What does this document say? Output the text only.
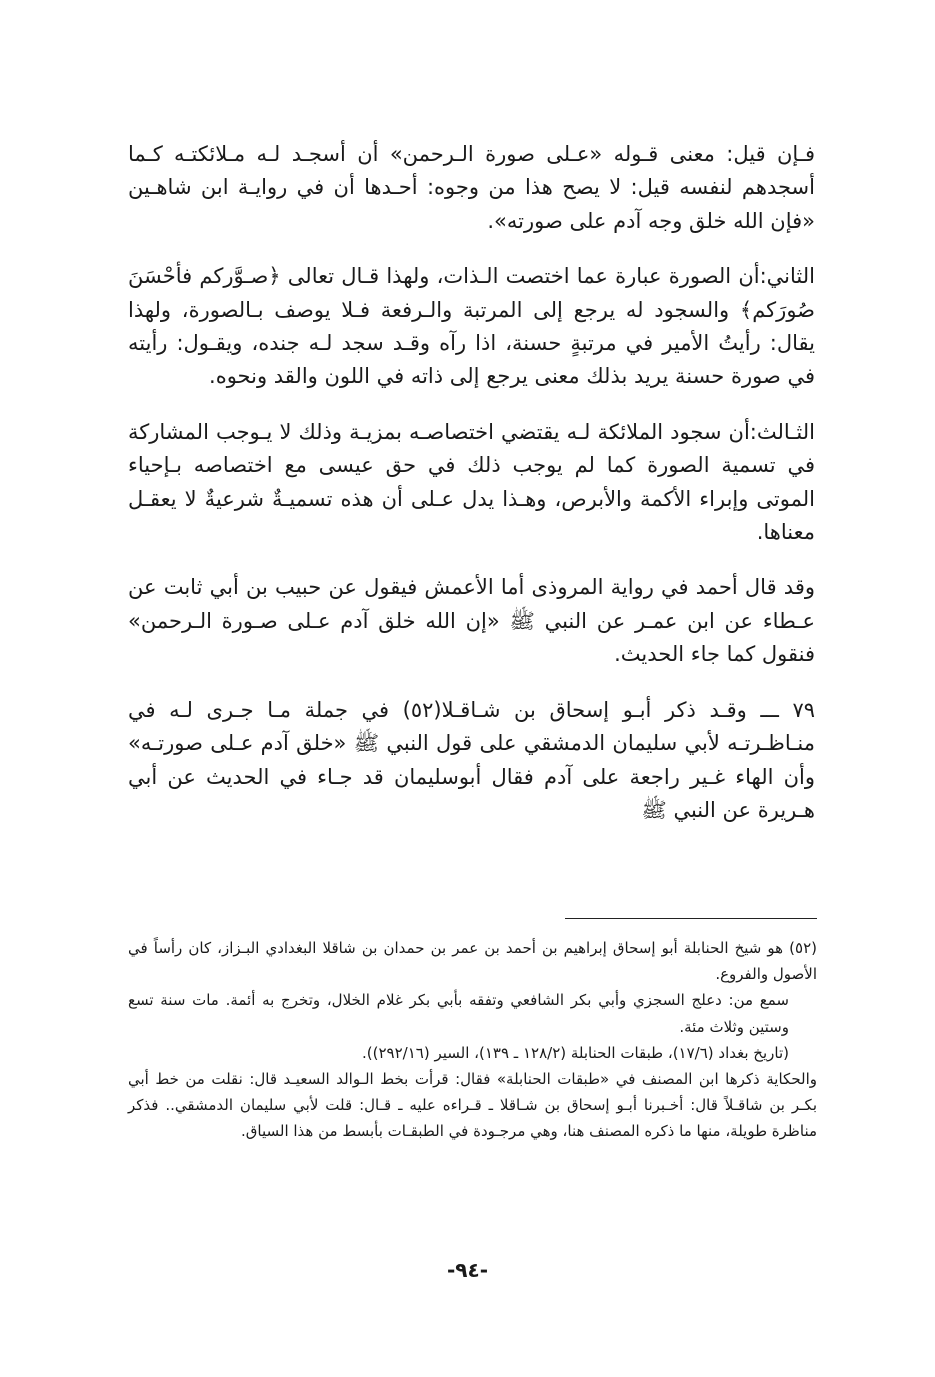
فـإن قيل: معنى قـوله «عـلى صورة الـرحمن» أن أسجـد لـه مـلائكتـه كـما أسجدهم لنفسه قيل: لا يصح هذا من وجوه: أحـدها أن في روايـة ابن شاهـين «فإن الله خلق وجه آدم على صورته».

الثاني:أن الصورة عبارة عما اختصت الـذات، ولهذا قـال تعالى ﴿صـوَّركم فأحْسَنَ صُورَكم﴾ والسجود له يرجع إلى المرتبة والـرفعة فـلا يوصف بـالصورة، ولهذا يقال: رأيتُ الأمير في مرتبةٍ حسنة، اذا رآه وقـد سجد لـه جنده، ويقـول: رأيته في صورة حسنة يريد بذلك معنى يرجع إلى ذاته في اللون والقد ونحوه.

الثـالث:أن سجود الملائكة لـه يقتضي اختصاصـه بمزيـة وذلك لا يـوجب المشاركة في تسمية الصورة كما لم يوجب ذلك في حق عيسى مع اختصاصه بـإحياء الموتى وإبراء الأكمة والأبرص، وهـذا يدل عـلى أن هذه تسميـةٌ شرعيةٌ لا يعقـل معناها.

وقد قال أحمد في رواية المروذى أما الأعمش فيقول عن حبيب بن أبي ثابت عن عـطاء عن ابن عمـر عن النبي ﷺ «إن الله خلق آدم عـلى صـورة الـرحمن» فنقول كما جاء الحديث.

٧٩ ـــ وقـد ذكر أبـو إسحاق بن شـاقـلا(٥٢) في جملة مـا جـرى لـه في منـاظـرتـه لأبي سليمان الدمشقي على قول النبي ﷺ «خلق آدم عـلى صورتـه» وأن الهاء غـير راجعة على آدم فقال أبوسليمان قد جـاء في الحديث عن أبي هـريرة عن النبي ﷺ

(٥٢) هو شيخ الحنابلة أبو إسحاق إبراهيم بن أحمد بن عمر بن حمدان بن شاقلا البغدادي البـزاز، كان رأساً في الأصول والفروع.

سمع من: دعلج السجزي وأبي بكر الشافعي وتفقه بأبي بكر غلام الخلال، وتخرج به أئمة. مات سنة تسع وستين وثلاث مئة.

(تاريخ بغداد (١٧/٦)، طبقات الحنابلة (١٢٨/٢ ـ ١٣٩)، السير (٢٩٢/١٦)).

والحكاية ذكرها ابن المصنف في «طبقات الحنابلة» فقال: قرأت بخط الـوالد السعيـد قال: نقلت من خط أبي بكـر بن شاقـلاً قال: أخـبرنا أبـو إسحاق بن شـاقلا ـ قـراءه عليه ـ قـال: قلت لأبي سليمان الدمشقي.. فذكر مناظرة طويلة، منها ما ذكره المصنف هنا، وهي مرجـودة في الطبقـات بأبسط من هذا السياق.

-٩٤-
